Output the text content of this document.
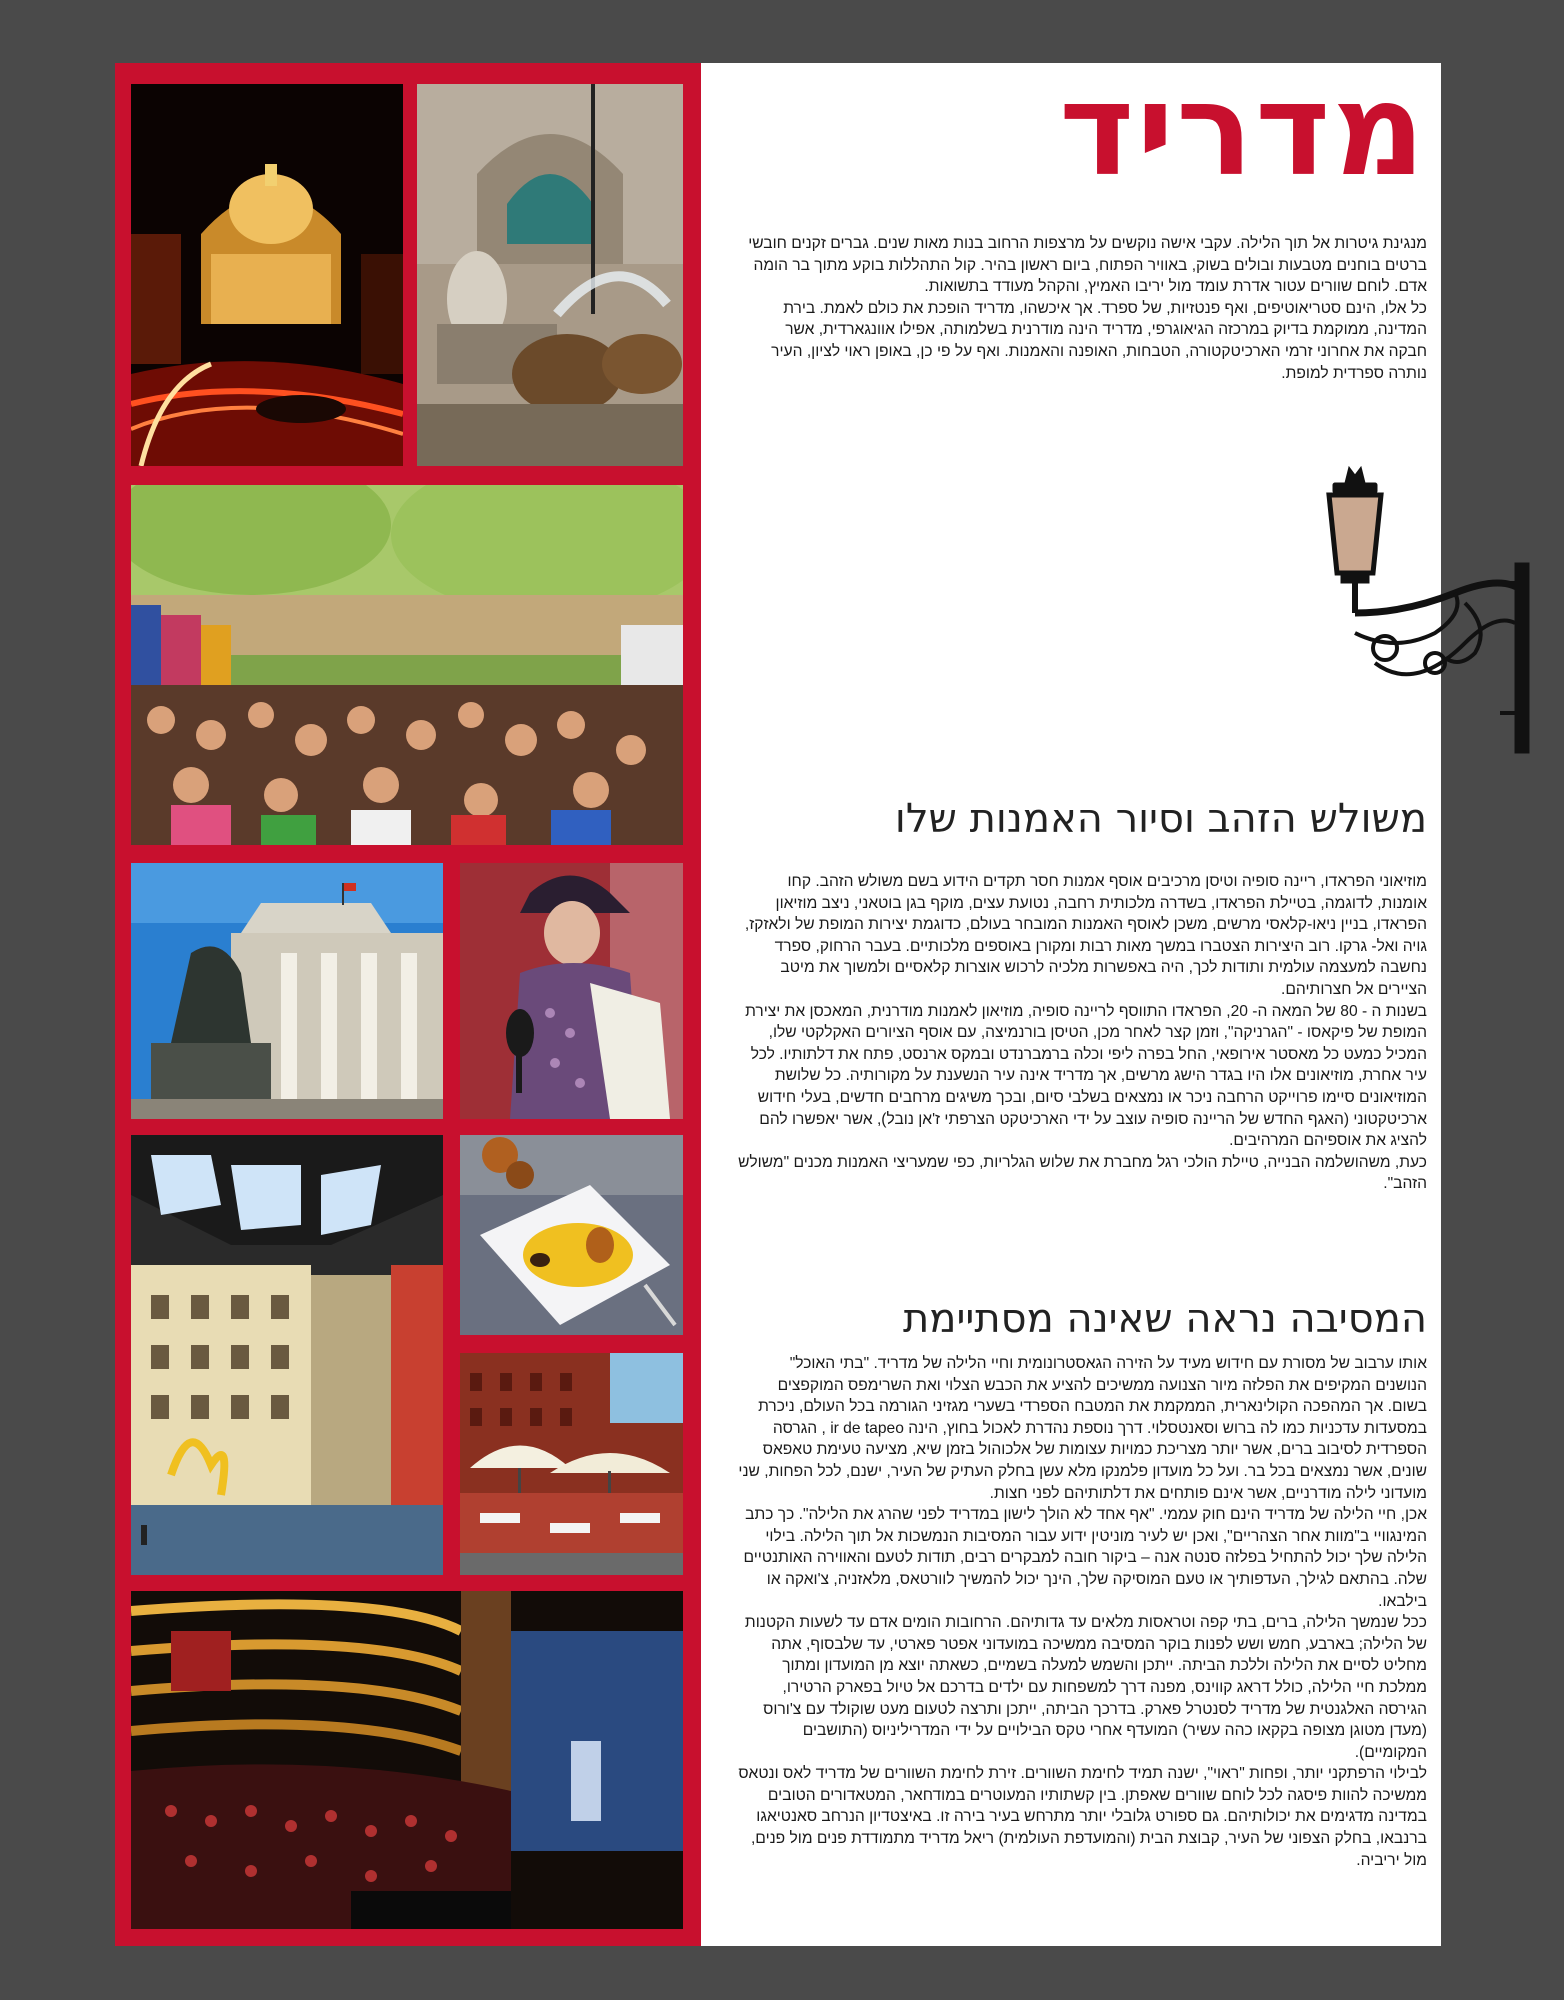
מדריד

מנגינת גיטרות אל תוך הלילה. עקבי אישה נוקשים על מרצפות הרחוב בנות מאות שנים. גברים זקנים חובשי ברטים בוחנים מטבעות ובולים בשוק, באוויר הפתוח, ביום ראשון בהיר. קול התהללות בוקע מתוך בר הומה אדם. לוחם שוורים עטור אדרת עומד מול יריבו האמיץ, והקהל מעודד בתשואות.

כל אלו, הינם סטריאוטיפים, ואף פנטזיות, של ספרד. אך איכשהו, מדריד הופכת את כולם לאמת. בירת המדינה, ממוקמת בדיוק במרכזה הגיאוגרפי, מדריד הינה מודרנית בשלמותה, אפילו אוונגארדית, אשר חבקה את אחרוני זרמי הארכיטקטורה, הטבחות, האופנה והאמנות. ואף על פי כן, באופן ראוי לציון, העיר נותרה ספרדית למופת.

משולש הזהב וסיור האמנות שלו

מוזיאוני הפראדו, ריינה סופיה וטיסן מרכיבים אוסף אמנות חסר תקדים הידוע בשם משולש הזהב. קחו אומנות, לדוגמה, בטיילת הפראדו, בשדרה מלכותית רחבה, נטועת עצים, מוקף בגן בוטאני, ניצב מוזיאון הפראדו, בניין ניאו-קלאסי מרשים, משכן לאוסף האמנות המובחר בעולם, כדוגמת יצירות המופת של ולאזקז, גויה ואל- גרקו. רוב היצירות הצטברו במשך מאות רבות ומקורן באוספים מלכותיים. בעבר הרחוק, ספרד נחשבה למעצמה עולמית ותודות לכך, היה באפשרות מלכיה לרכוש אוצרות קלאסיים ולמשוך את מיטב הציירים אל חצרותיהם.

בשנות ה - 80 של המאה ה- 20, הפראדו התווסף לריינה סופיה, מוזיאון לאמנות מודרנית, המאכסן את יצירת המופת של פיקאסו - "הגרניקה", וזמן קצר לאחר מכן, הטיסן בורנמיצה, עם אוסף הציורים האקלקטי שלו, המכיל כמעט כל מאסטר אירופאי, החל בפרה ליפי וכלה ברמברנדט ובמקס ארנסט, פתח את דלתותיו. לכל עיר אחרת, מוזיאונים אלו היו בגדר הישג מרשים, אך מדריד אינה עיר הנשענת על מקורותיה. כל שלושת המוזיאונים סיימו פרוייקט הרחבה ניכר או נמצאים בשלבי סיום, ובכך משיגים מרחבים חדשים, בעלי חידוש ארכיטקטוני (האגף החדש של הריינה סופיה עוצב על ידי הארכיטקט הצרפתי ז'אן נובל), אשר יאפשרו להם להציג את אוספיהם המרהיבים.

כעת, משהושלמה הבנייה, טיילת הולכי רגל מחברת את שלוש הגלריות, כפי שמעריצי האמנות מכנים "משולש הזהב".

המסיבה נראה שאינה מסתיימת

אותו ערבוב של מסורת עם חידוש מעיד על הזירה הגאסטרונומית וחיי הלילה של מדריד. "בתי האוכל" הנושנים המקיפים את הפלזה מיור הצנועה ממשיכים להציע את הכבש הצלוי ואת השרימפס המוקפצים בשום. אך המהפכה הקולינארית, הממקמת את המטבח הספרדי בשערי מגזיני הגורמה בכל העולם, ניכרת במסעדות עדכניות כמו לה ברוש וסאנטסלוי. דרך נוספת נהדרת לאכול בחוץ, הינה ir de tapeo , הגרסה הספרדית לסיבוב ברים, אשר יותר מצריכת כמויות עצומות של אלכוהול בזמן שיא, מציעה טעימת טאפאס שונים, אשר נמצאים בכל בר. ועל כל מועדון פלמנקו מלא עשן בחלק העתיק של העיר, ישנם, לכל הפחות, שני מועדוני לילה מודרניים, אשר אינם פותחים את דלתותיהם לפני חצות.

אכן, חיי הלילה של מדריד הינם חוק עממי. "אף אחד לא הולך לישון במדריד לפני שהרג את הלילה". כך כתב המינגוויי ב"מוות אחר הצהריים", ואכן יש לעיר מוניטין ידוע עבור המסיבות הנמשכות אל תוך הלילה. בילוי הלילה שלך יכול להתחיל בפלזה סנטה אנה – ביקור חובה למבקרים רבים, תודות לטעם והאווירה האותנטיים שלה. בהתאם לגילך, העדפותיך או טעם המוסיקה שלך, הינך יכול להמשיך לוורטאס, מלאזניה, צ'ואקה או בילבאו.

ככל שנמשך הלילה, ברים, בתי קפה וטראסות מלאים עד גדותיהם. הרחובות הומים אדם עד לשעות הקטנות של הלילה; בארבע, חמש ושש לפנות בוקר המסיבה ממשיכה במועדוני אפטר פארטי, עד שלבסוף, אתה מחליט לסיים את הלילה וללכת הביתה. ייתכן והשמש למעלה בשמיים, כשאתה יוצא מן המועדון ומתוך ממלכת חיי הלילה, כולל דראג קווינס, מפנה דרך למשפחות עם ילדים בדרכם אל טיול בפארק הרטירו, הגירסה האלגנטית של מדריד לסנטרל פארק. בדרכך הביתה, ייתכן ותרצה לטעום מעט שוקולד עם צ'ורוס (מעדן מטוגן מצופה בקקאו כהה עשיר) המועדף אחרי טקס הבילויים על ידי המדריליניוס (התושבים המקומיים).

לבילוי הרפתקני יותר, ופחות "ראוי", ישנה תמיד לחימת השוורים. זירת לחימת השוורים של מדריד לאס ונטאס ממשיכה להוות פיסגה לכל לוחם שוורים שאפתן. בין קשתותיו המעוטרים במודחאר, המטאדורים הטובים במדינה מדגימים את יכולותיהם. גם ספורט גלובלי יותר מתרחש בעיר בירה זו. באיצטדיון הנרחב סאנטיאגו ברנבאו, בחלק הצפוני של העיר, קבוצת הבית (והמועדפת העולמית) ריאל מדריד מתמודדת פנים מול פנים, מול יריביה.
